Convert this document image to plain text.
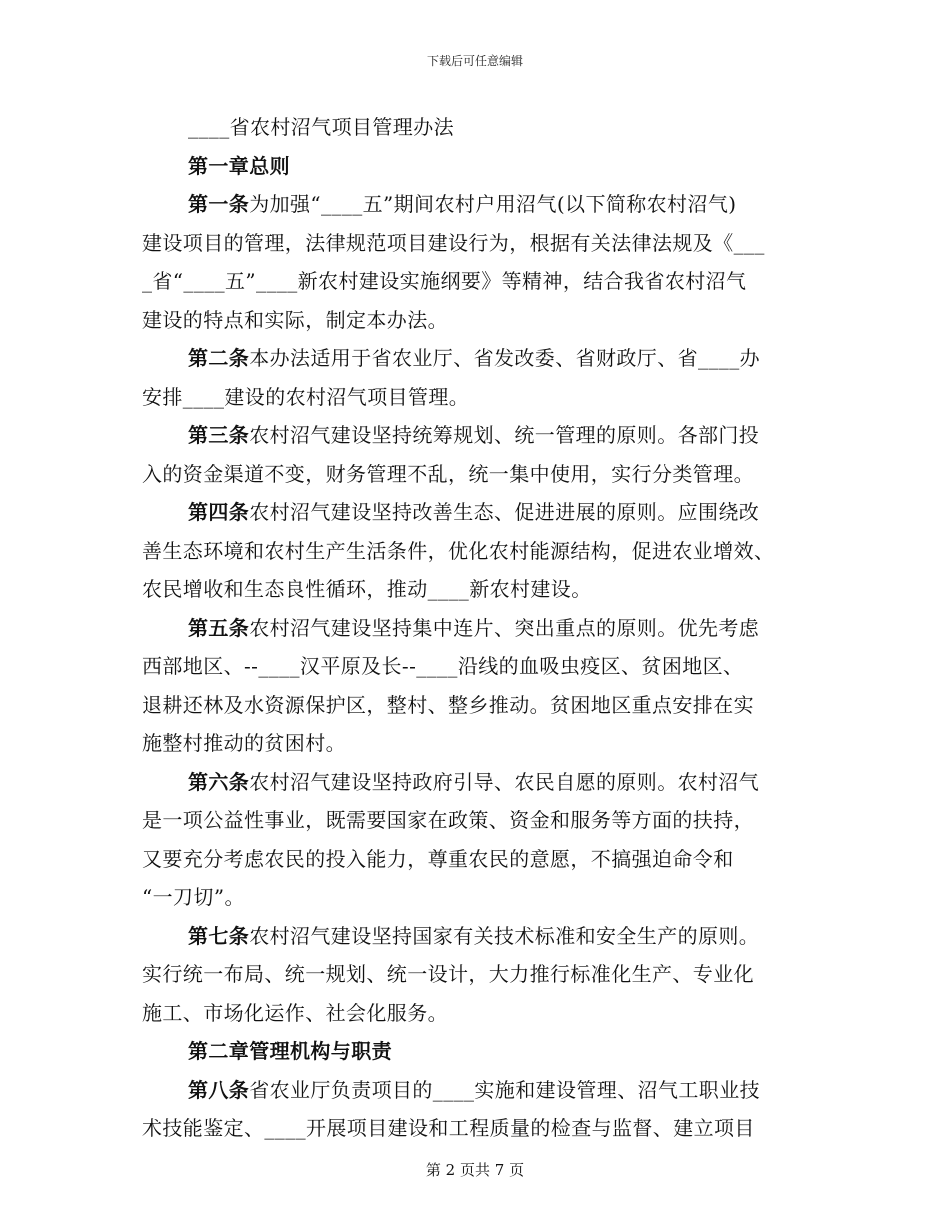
下载后可任意编辑
____省农村沼气项目管理办法
第一章总则
第一条为加强“____五”期间农村户用沼气(以下简称农村沼气)
建设项目的管理，法律规范项目建设行为，根据有关法律法规及《___
_省“____五”____新农村建设实施纲要》等精神，结合我省农村沼气
建设的特点和实际，制定本办法。
第二条本办法适用于省农业厅、省发改委、省财政厅、省____办
安排____建设的农村沼气项目管理。
第三条农村沼气建设坚持统筹规划、统一管理的原则。各部门投
入的资金渠道不变，财务管理不乱，统一集中使用，实行分类管理。
第四条农村沼气建设坚持改善生态、促进进展的原则。应围绕改
善生态环境和农村生产生活条件，优化农村能源结构，促进农业增效、
农民增收和生态良性循环，推动____新农村建设。
第五条农村沼气建设坚持集中连片、突出重点的原则。优先考虑
西部地区、--____汉平原及长--____沿线的血吸虫疫区、贫困地区、
退耕还林及水资源保护区，整村、整乡推动。贫困地区重点安排在实
施整村推动的贫困村。
第六条农村沼气建设坚持政府引导、农民自愿的原则。农村沼气
是一项公益性事业，既需要国家在政策、资金和服务等方面的扶持，
又要充分考虑农民的投入能力，尊重农民的意愿，不搞强迫命令和
“一刀切”。
第七条农村沼气建设坚持国家有关技术标准和安全生产的原则。
实行统一布局、统一规划、统一设计，大力推行标准化生产、专业化
施工、市场化运作、社会化服务。
第二章管理机构与职责
第八条省农业厅负责项目的____实施和建设管理、沼气工职业技
术技能鉴定、____开展项目建设和工程质量的检查与监督、建立项目
第 2 页共 7 页
